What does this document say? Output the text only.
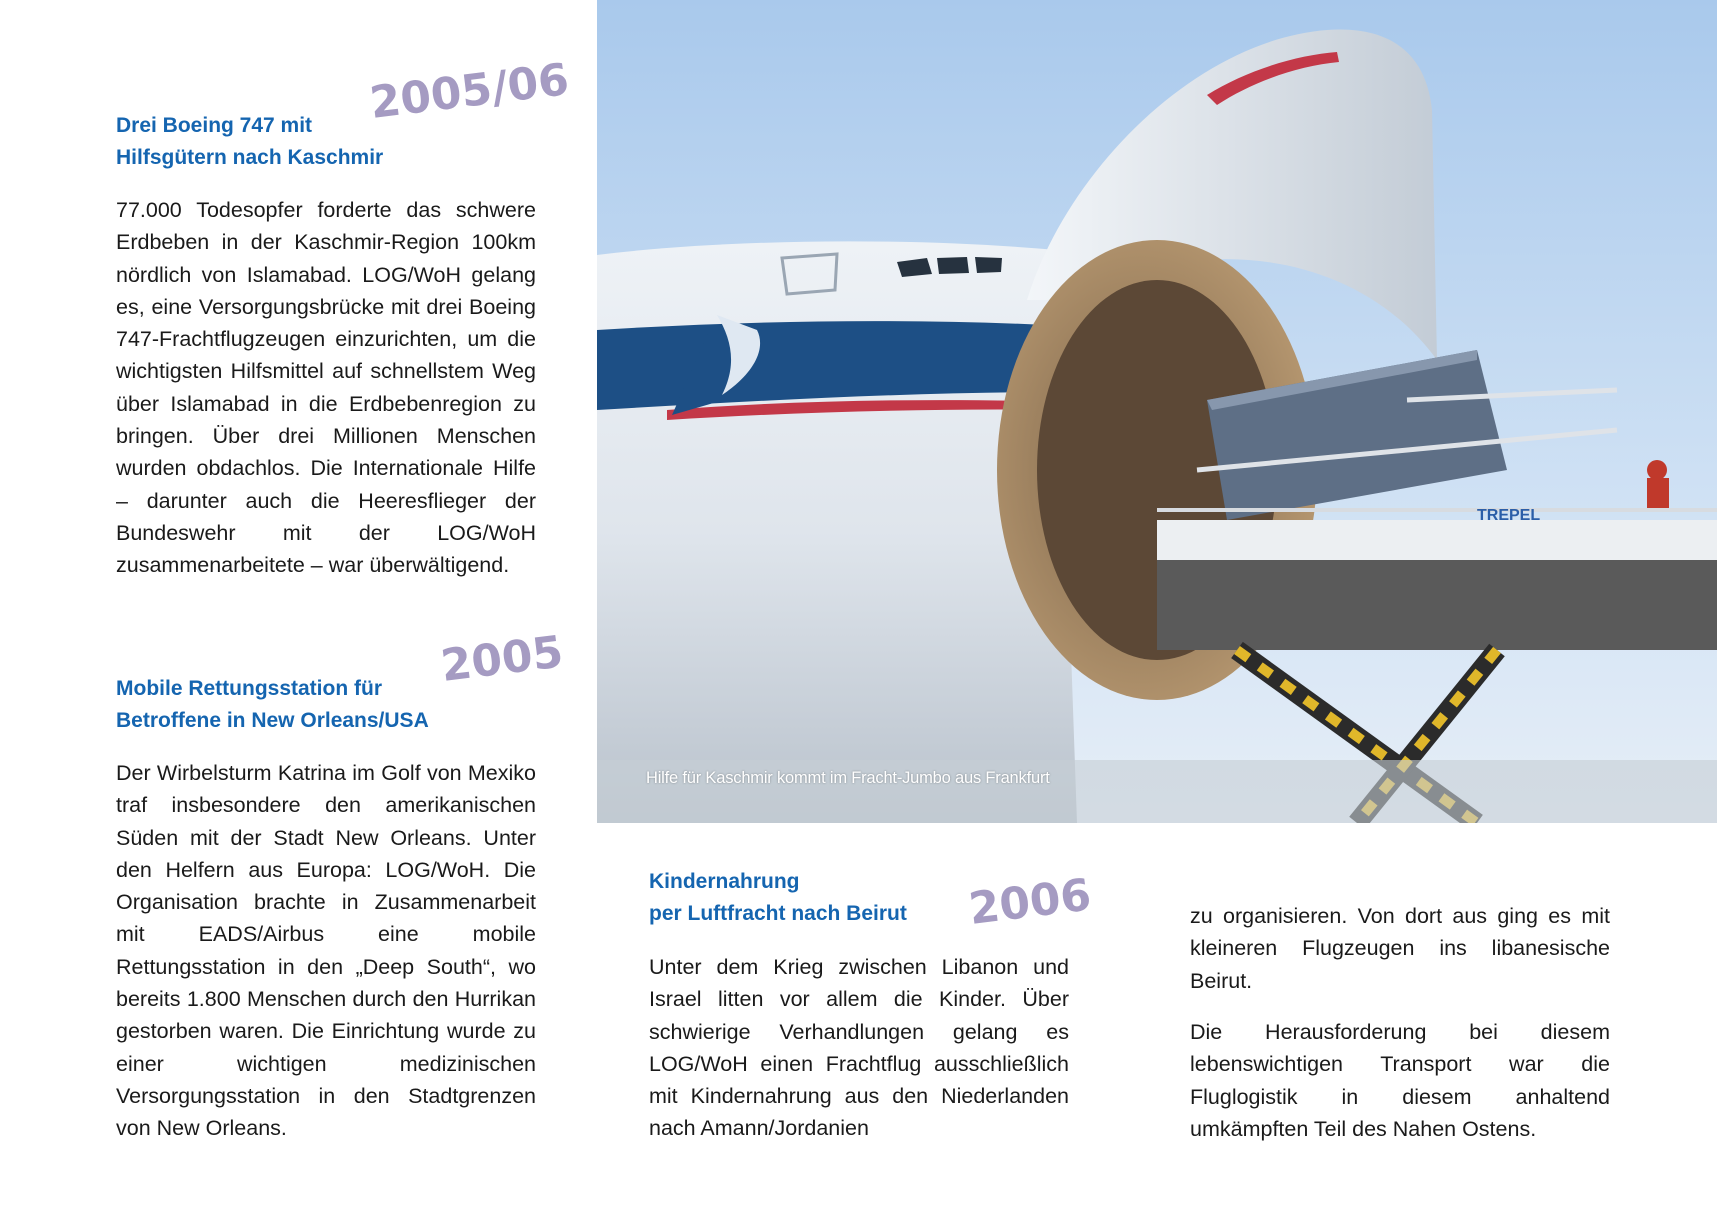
2005/06
Drei Boeing 747 mit
Hilfsgütern nach Kaschmir

77.000 Todesopfer forderte das schwere Erdbeben in der Kaschmir-Region 100km nördlich von Islamabad. LOG/WoH gelang es, eine Versorgungsbrücke mit drei Boeing 747-Frachtflugzeugen einzurichten, um die wichtigsten Hilfsmittel auf schnellstem Weg über Islamabad in die Erdbebenregion zu bringen. Über drei Millionen Menschen wurden obdachlos. Die Internationale Hilfe – darunter auch die Heeresflieger der Bundeswehr mit der LOG/WoH zusammenarbeitete – war überwältigend.

2005
Mobile Rettungsstation für
Betroffene in New Orleans/USA

Der Wirbelsturm Katrina im Golf von Mexiko traf insbesondere den amerikanischen Süden mit der Stadt New Orleans. Unter den Helfern aus Europa: LOG/WoH. Die Organisation brachte in Zusammenarbeit mit EADS/Airbus eine mobile Rettungsstation in den „Deep South“, wo bereits 1.800 Menschen durch den Hurrikan gestorben waren. Die Einrichtung wurde zu einer wichtigen medizinischen Versorgungsstation in den Stadtgrenzen von New Orleans.

TREPEL

Hilfe für Kaschmir kommt im Fracht-Jumbo aus Frankfurt

2006
Kindernahrung
per Luftfracht nach Beirut

Unter dem Krieg zwischen Libanon und Israel litten vor allem die Kinder. Über schwierige Verhandlungen gelang es LOG/WoH einen Frachtflug ausschließlich mit Kindernahrung aus den Niederlanden nach Amann/Jordanien

zu organisieren. Von dort aus ging es mit kleineren Flugzeugen ins libanesische Beirut.

Die Herausforderung bei diesem lebenswichtigen Transport war die Fluglogistik in diesem anhaltend umkämpften Teil des Nahen Ostens.
